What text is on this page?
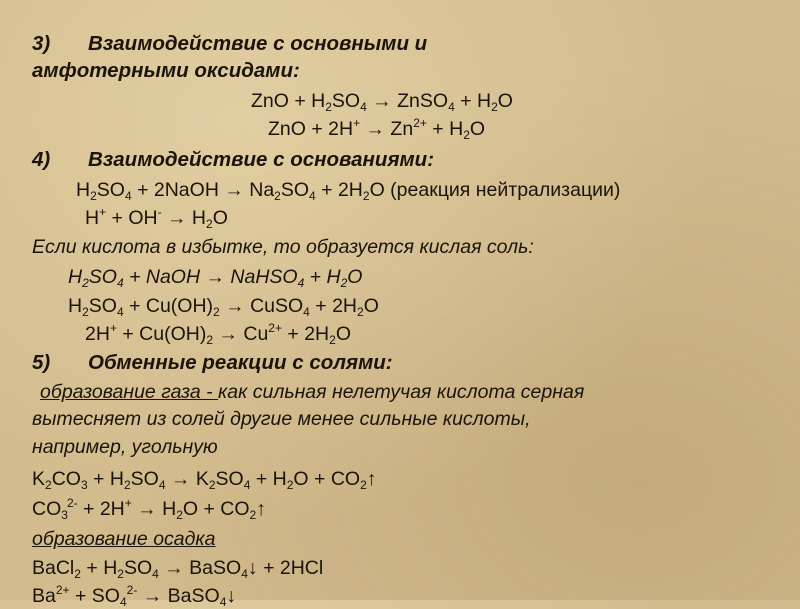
3) Взаимодействие с основными и
амфотерными оксидами:
ZnO + $H_2SO_4$ → ZnSO$_4$ + $H_2O$
ZnO + $2H^+ \to Zn^{2+} + H_2O$
4) Взаимодействие с основаниями:
$H_2SO_4$ + 2NaOH → $Na_2SO_4 + 2H_2O$ (реакция нейтрализации)
$H^+ + OH^- \to H_2O$
Если кислота в избытке, то образуется кислая соль:
$H_2SO_4$ + NaOH → NaHSO$_4$ + $H_2O$
$H_2SO_4 + Cu(OH)_2$ → CuSO$_4$ + $2H_2O$
$2H^+ + Cu(OH)_2 \to Cu^{2+} + 2H_2O$
5) Обменные реакции с солями:
образование газа - как сильная нелетучая кислота серная
вытесняет из солей другие менее сильные кислоты,
например, угольную
$K_2CO_3 + H_2SO_4 \to K_2SO_4 + H_2O$ + $CO_2↑$
$CO_3^{2-} + 2H^+ \to H_2O$ + $CO_2↑$
образование осадка
BaCl$_2$ + $H_2SO_4$ → BaSO$_4$↓ + 2HCl
$Ba^{2+} + SO_4^{2-}$ → BaSO$_4$↓
